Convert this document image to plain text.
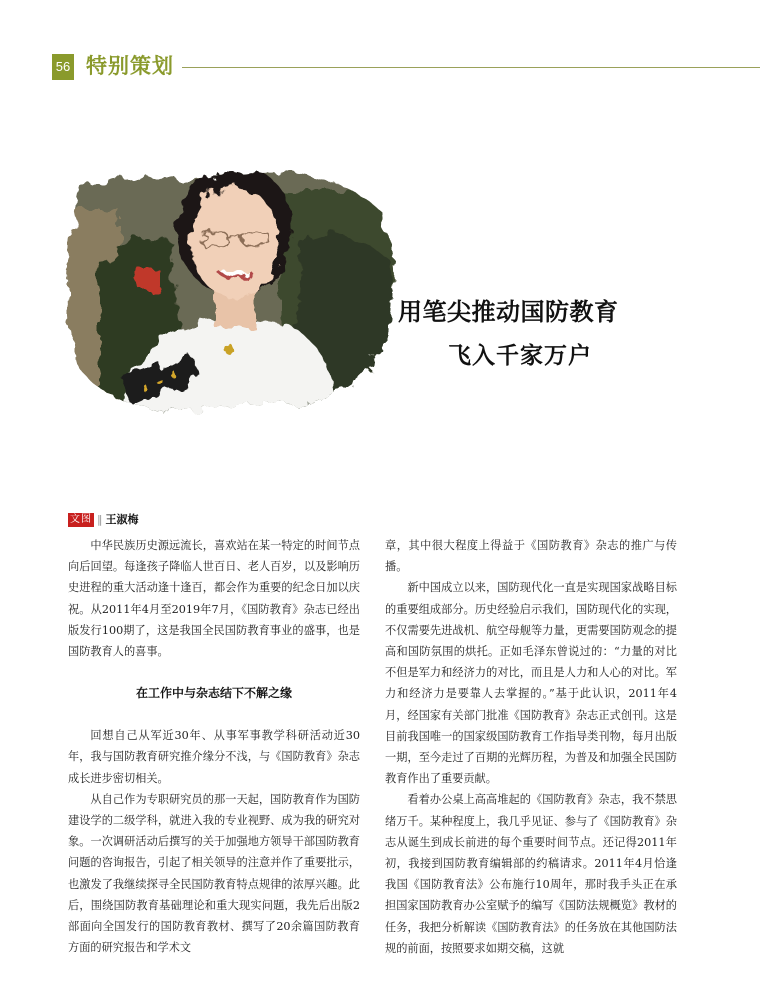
56 特别策划
用笔尖推动国防教育
飞入千家万户
文图 ‖ 王淑梅

中华民族历史源远流长，喜欢站在某一特定的时间节点向后回望。每逢孩子降临人世百日、老人百岁，以及影响历史进程的重大活动逢十逢百，都会作为重要的纪念日加以庆祝。从2011年4月至2019年7月，《国防教育》杂志已经出版发行100期了，这是我国全民国防教育事业的盛事，也是国防教育人的喜事。

在工作中与杂志结下不解之缘

回想自己从军近30年、从事军事教学科研活动近30年，我与国防教育研究推介缘分不浅，与《国防教育》杂志成长进步密切相关。

从自己作为专职研究员的那一天起，国防教育作为国防建设学的二级学科，就进入我的专业视野、成为我的研究对象。一次调研活动后撰写的关于加强地方领导干部国防教育问题的咨询报告，引起了相关领导的注意并作了重要批示，也激发了我继续探寻全民国防教育特点规律的浓厚兴趣。此后，围绕国防教育基础理论和重大现实问题，我先后出版2部面向全国发行的国防教育教材、撰写了20余篇国防教育方面的研究报告和学术文

章，其中很大程度上得益于《国防教育》杂志的推广与传播。

新中国成立以来，国防现代化一直是实现国家战略目标的重要组成部分。历史经验启示我们，国防现代化的实现，不仅需要先进战机、航空母舰等力量，更需要国防观念的提高和国防氛围的烘托。正如毛泽东曾说过的：“力量的对比不但是军力和经济力的对比，而且是人力和人心的对比。军力和经济力是要靠人去掌握的。”基于此认识，2011年4月，经国家有关部门批准《国防教育》杂志正式创刊。这是目前我国唯一的国家级国防教育工作指导类刊物，每月出版一期，至今走过了百期的光辉历程，为普及和加强全民国防教育作出了重要贡献。

看着办公桌上高高堆起的《国防教育》杂志，我不禁思绪万千。某种程度上，我几乎见证、参与了《国防教育》杂志从诞生到成长前进的每个重要时间节点。还记得2011年初，我接到国防教育编辑部的约稿请求。2011年4月恰逢我国《国防教育法》公布施行10周年，那时我手头正在承担国家国防教育办公室赋予的编写《国防法规概览》教材的任务，我把分析解读《国防教育法》的任务放在其他国防法规的前面，按照要求如期交稿，这就
